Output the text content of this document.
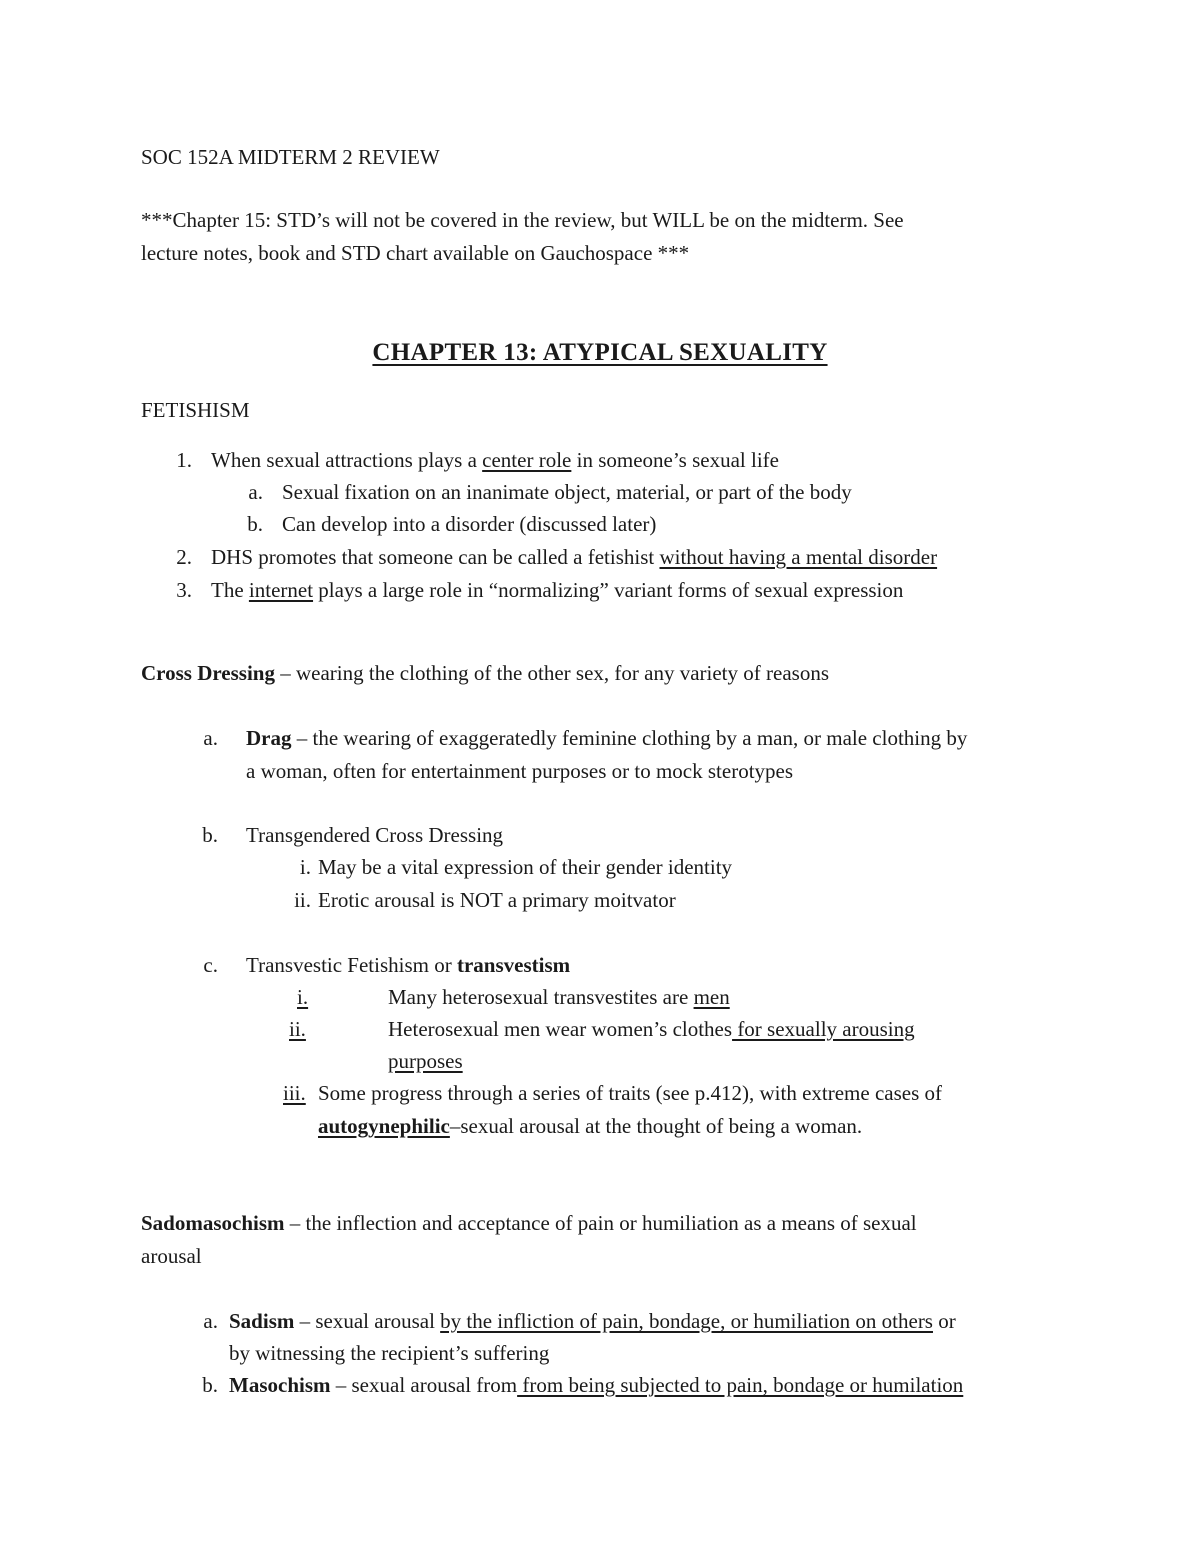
SOC 152A MIDTERM 2 REVIEW
***Chapter 15: STD’s will not be covered in the review, but WILL be on the midterm. See
lecture notes, book and STD chart available on Gauchospace ***
CHAPTER 13: ATYPICAL SEXUALITY
FETISHISM
1. When sexual attractions plays a center role in someone’s sexual life
a. Sexual fixation on an inanimate object, material, or part of the body
b. Can develop into a disorder (discussed later)
2. DHS promotes that someone can be called a fetishist without having a mental disorder
3. The internet plays a large role in “normalizing” variant forms of sexual expression
Cross Dressing – wearing the clothing of the other sex, for any variety of reasons
a. Drag – the wearing of exaggeratedly feminine clothing by a man, or male clothing by
a woman, often for entertainment purposes or to mock sterotypes
b. Transgendered Cross Dressing
i. May be a vital expression of their gender identity
ii. Erotic arousal is NOT a primary moitvator
c. Transvestic Fetishism or transvestism
i.	Many heterosexual transvestites are men
ii.	Heterosexual men wear women’s clothes for sexually arousing
purposes
iii. Some progress through a series of traits (see p.412), with extreme cases of
autogynephilic–sexual arousal at the thought of being a woman.
Sadomasochism – the inflection and acceptance of pain or humiliation as a means of sexual
arousal
a. Sadism – sexual arousal by the infliction of pain, bondage, or humiliation on others or
by witnessing the recipient’s suffering
b. Masochism – sexual arousal from from being subjected to pain, bondage or humilation
